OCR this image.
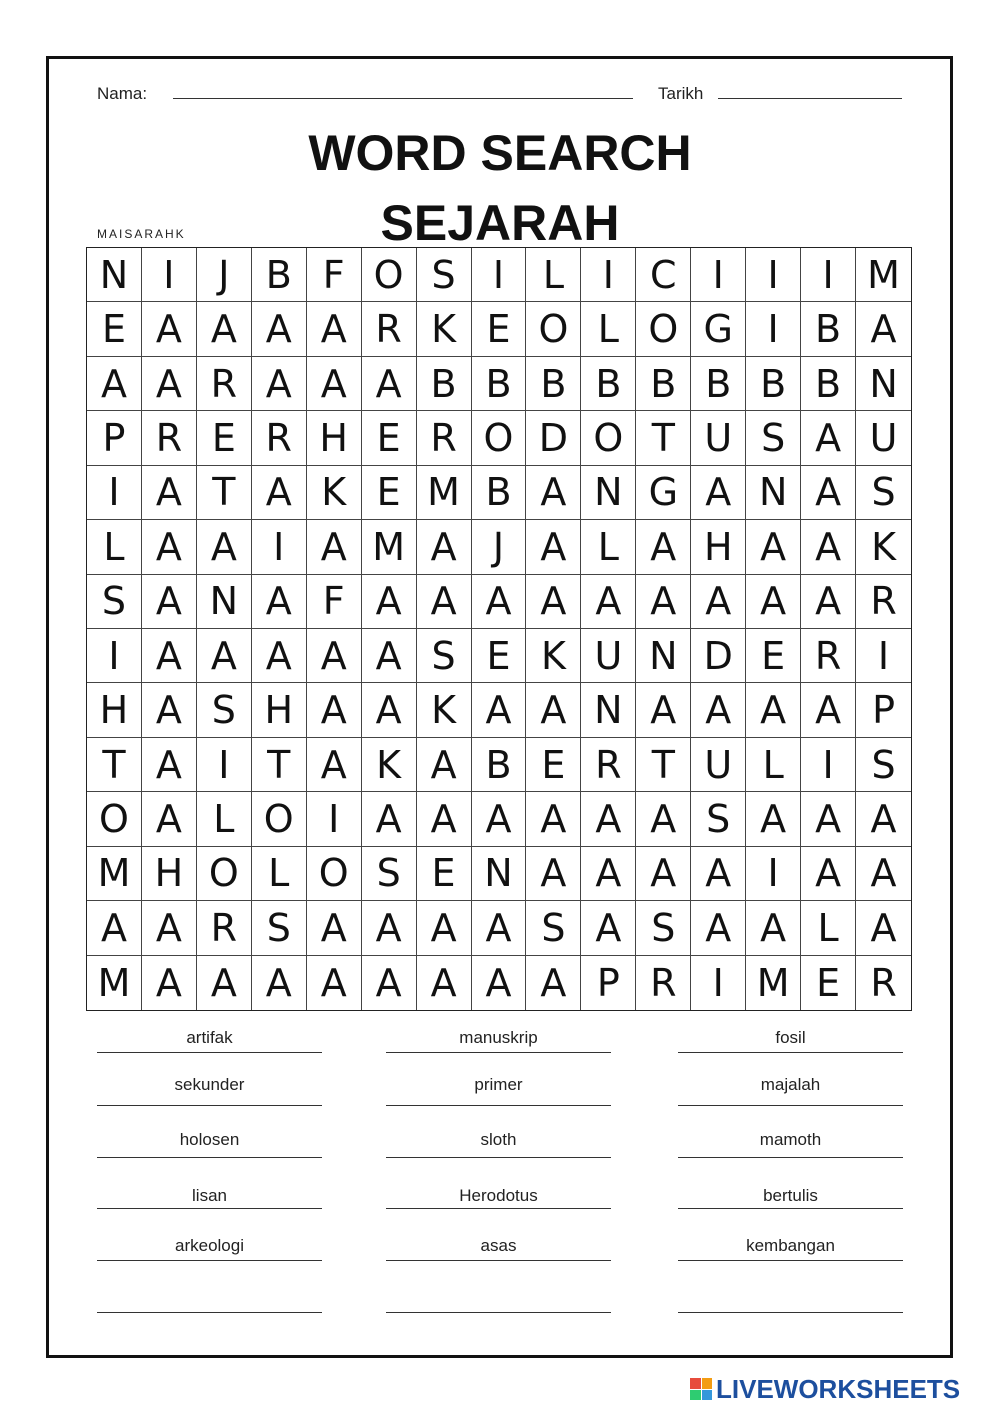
Nama:	Tarikh
WORD SEARCH
SEJARAH
MAISARAHK
N I	J B F O S I	L	I C I	I	I M
E A A A A R K E O L O G I B A
A A R A A A B B B B B B B B N
P R E R H E R O D O T U S A U
I A T A K E M B A N G A N A S
L A A I A M A J A L A H A A K
S A N A F A A A A A A A A A R
I A A A A A S E K U N D E R I
H A S H A A K A A N A A A A P
T A I T A K A B E R T U L	I S
O A L O I A A A A A A S A A A
M H O L O S E N A A A A I A A
A A R S A A A A S A S A A L A
M A A A A A A A A P R I M E R
artifak	manuskrip	fosil
sekunder	primer	majalah
holosen	sloth	mamoth
lisan	Herodotus	bertulis
arkeologi	asas	kembangan
LIVEWORKSHEETS
